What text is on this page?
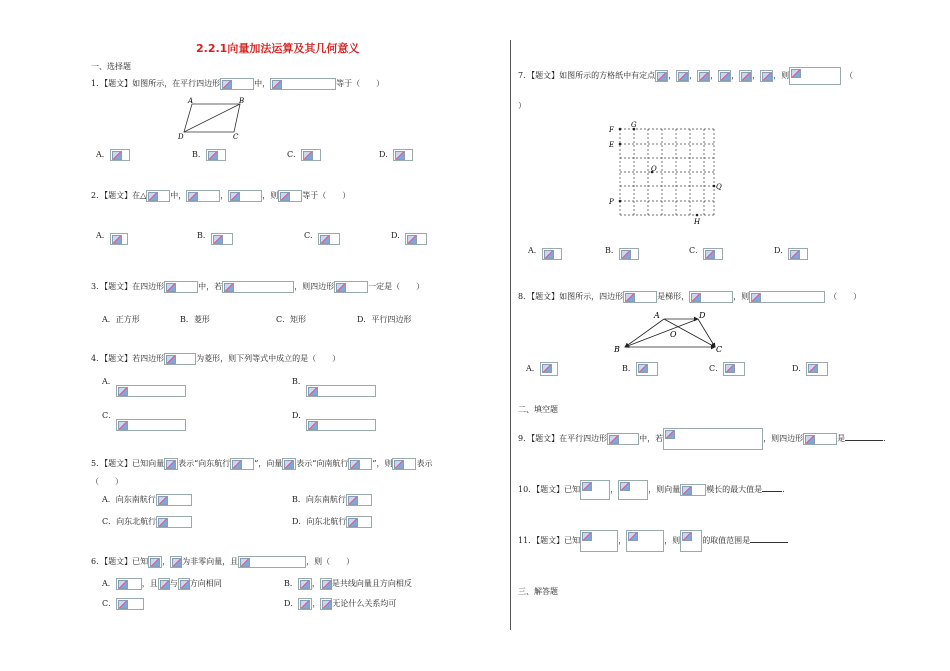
2.2.1向量加法运算及其几何意义
一、选择题
1．【题文】如图所示，在平行四边形	中，	等于（　　）
A	B
C
D
A．	B．	C．	D．
2．【题文】在△	中，	，	，则	等于（　　）
A．	B．	C．	D．
3．【题文】在四边形	中，若	，则四边形	一定是（　　）
A．正方形	B．菱形	C．矩形	D．平行四边形
4．【题文】若四边形	为菱形，则下列等式中成立的是（　　）
A．	B．

C．	D．

5．【题文】已知向量 表示“向东航行	”，向量 表示“向南航行	”，则	表示
（　　）
A．向东南航行	B．向东南航行
C．向东北航行	D．向东北航行
6．【题文】已知 ， 为非零向量，且	，则（　　）
A．	，且 与 方向相同	B． ， 是共线向量且方向相反
C．	D． ， 无论什么关系均可
7．【题文】如图所示的方格纸中有定点 ， ， ， ， ， ，则	（
）
F
G
E
O
Q
P
H
A．	B．	C．	D．
8．【题文】如图所示，四边形	是梯形，	，则	（　　）
A	D
O
B	C
A．	B．	C．	D．
二、填空题
9．【题文】在平行四边形	中，若	，则四边形	是	.
10．【题文】已知	，	，则向量	模长的最大值是	.
11．【题文】已知	，	，则	的取值范围是
三、解答题
